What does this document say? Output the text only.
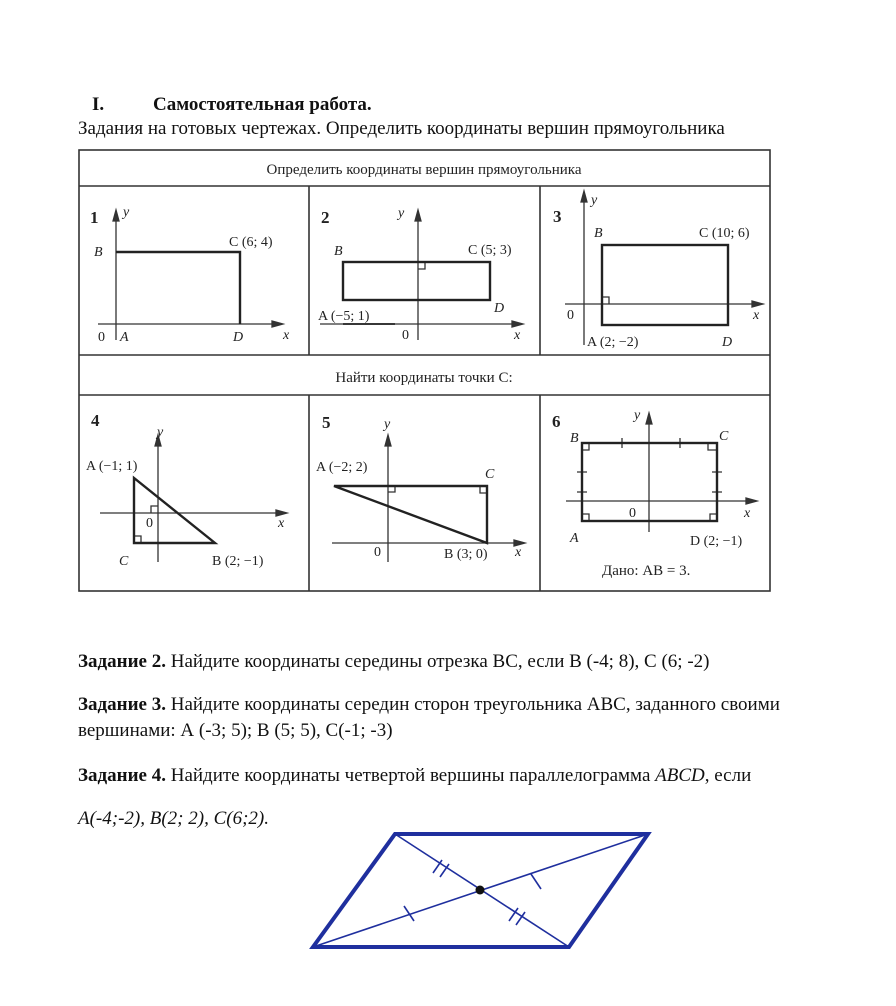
I.	Самостоятельная работа.
Задания на готовых чертежах. Определить координаты вершин прямоугольника
Определить координаты вершин прямоугольника
Найти координаты точки C:
1 y
B
C (6; 4)
0 A	D	x
2	y
B	C (5; 3)
A (−5; 1)
D
0	x
3
y
B	C (10; 6)
0	x
A (2; −2)	D
4
y
A (−1; 1)
0	x
C	B (2; −1)
5	y
A (−2; 2)	C
0	B (3; 0) x
6	y
B	C
0	x
A	D (2; −1)
Дано: AB = 3.
Задание 2. Найдите координаты середины отрезка ВС, если В (-4; 8), С (6; -2)
Задание 3. Найдите координаты середин сторон треугольника АВС, заданного своими
вершинами: А (-3; 5); В (5; 5), С(-1; -3)
Задание 4. Найдите координаты четвертой вершины параллелограмма ABCD, если
A(-4;-2), B(2; 2), C(6;2).
